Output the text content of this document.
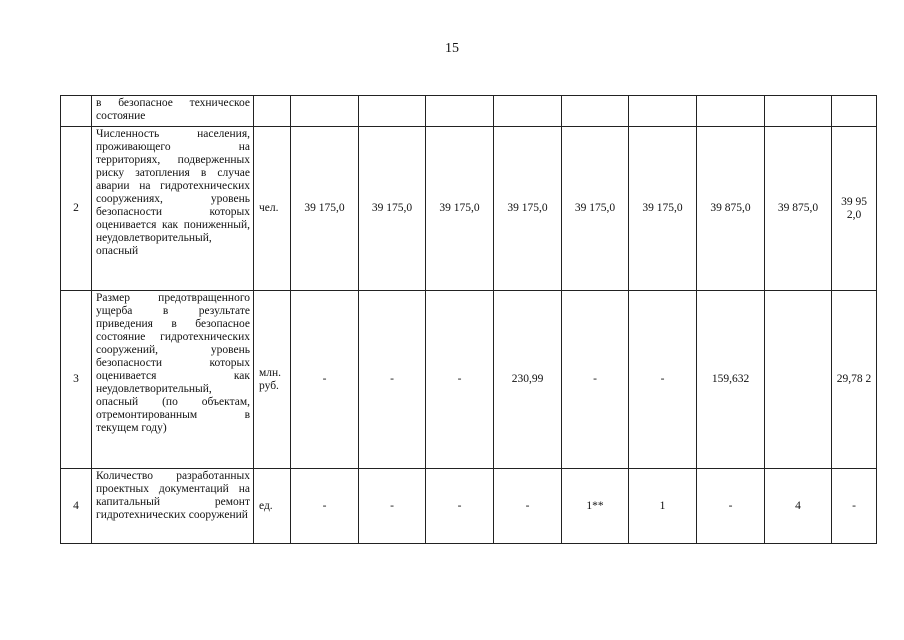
15
	в безопасное техническое состояние										
2	Численность населения, проживающего на территориях, подверженных риску затопления в случае аварии на гидротехнических сооружениях, уровень безопасности которых оценивается как пониженный, неудовлетворительный, опасный	чел.	39 175,0	39 175,0	39 175,0	39 175,0	39 175,0	39 175,0	39 875,0	39 875,0	39 95 2,0
3	Размер предотвращенного ущерба в результате приведения в безопасное состояние гидротехнических сооружений, уровень безопасности которых оценивается как неудовлетворительный, опасный (по объектам, отремонтированным в текущем году)	млн. руб.	-	-	-	230,99	-	-	159,632		29,78 2
4	Количество разработанных проектных документаций на капитальный ремонт гидротехнических сооружений	ед.	-	-	-	-	1**	1	-	4	-
